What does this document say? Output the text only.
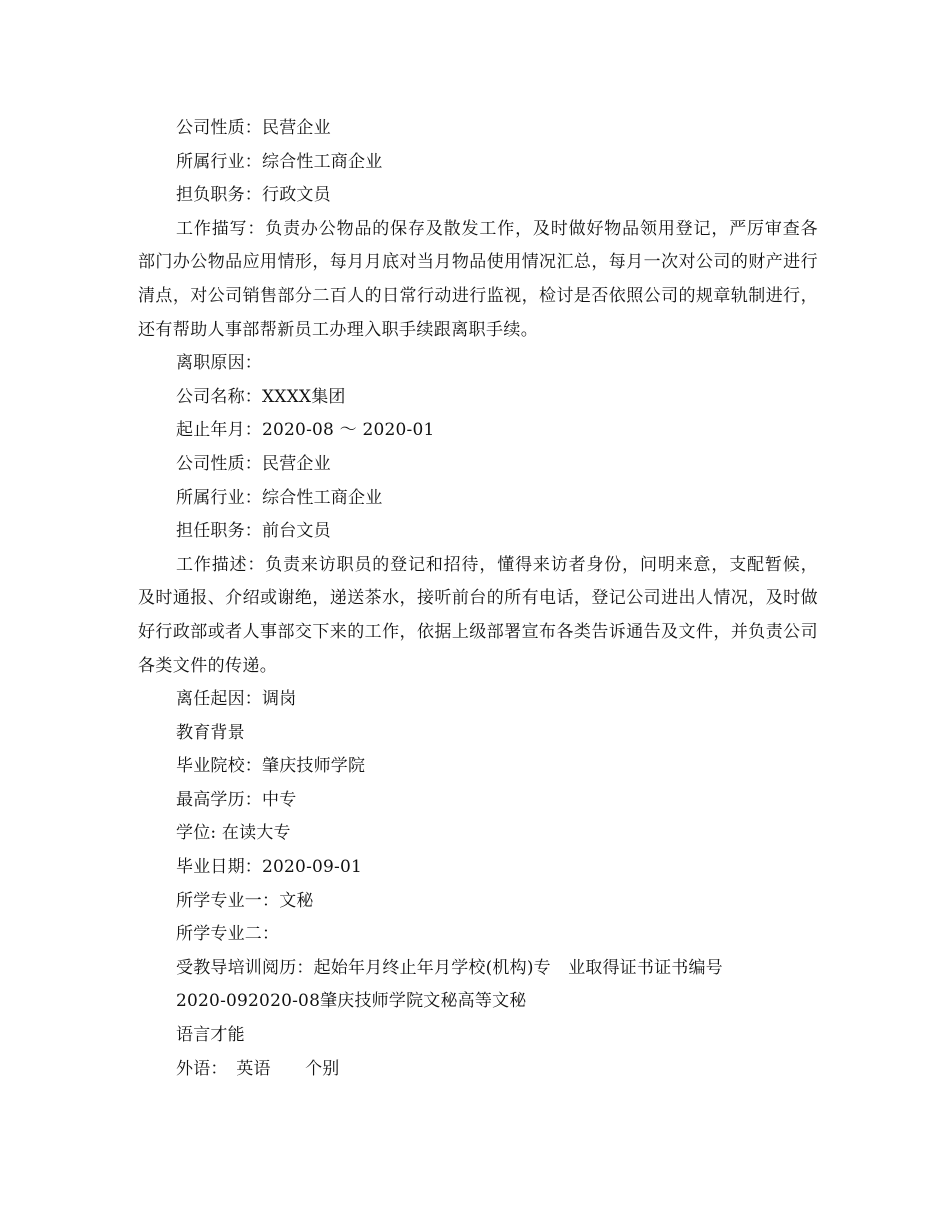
公司性质：民营企业
所属行业：综合性工商企业
担负职务：行政文员
工作描写：负责办公物品的保存及散发工作，及时做好物品领用登记，严厉审查各部门办公物品应用情形，每月月底对当月物品使用情况汇总，每月一次对公司的财产进行清点，对公司销售部分二百人的日常行动进行监视，检讨是否依照公司的规章轨制进行，还有帮助人事部帮新员工办理入职手续跟离职手续。
离职原因：
公司名称：XXXX集团
起止年月：2020-08 ～ 2020-01
公司性质：民营企业
所属行业：综合性工商企业
担任职务：前台文员
工作描述：负责来访职员的登记和招待，懂得来访者身份，问明来意，支配暂候，及时通报、介绍或谢绝，递送茶水，接听前台的所有电话，登记公司进出人情况，及时做好行政部或者人事部交下来的工作，依据上级部署宣布各类告诉通告及文件，并负责公司各类文件的传递。
离任起因：调岗
教育背景
毕业院校：肇庆技师学院
最高学历：中专
学位: 在读大专
毕业日期：2020-09-01
所学专业一：文秘
所学专业二：
受教导培训阅历：起始年月终止年月学校(机构)专　业取得证书证书编号
2020-092020-08肇庆技师学院文秘高等文秘
语言才能
外语：　英语　　个别
